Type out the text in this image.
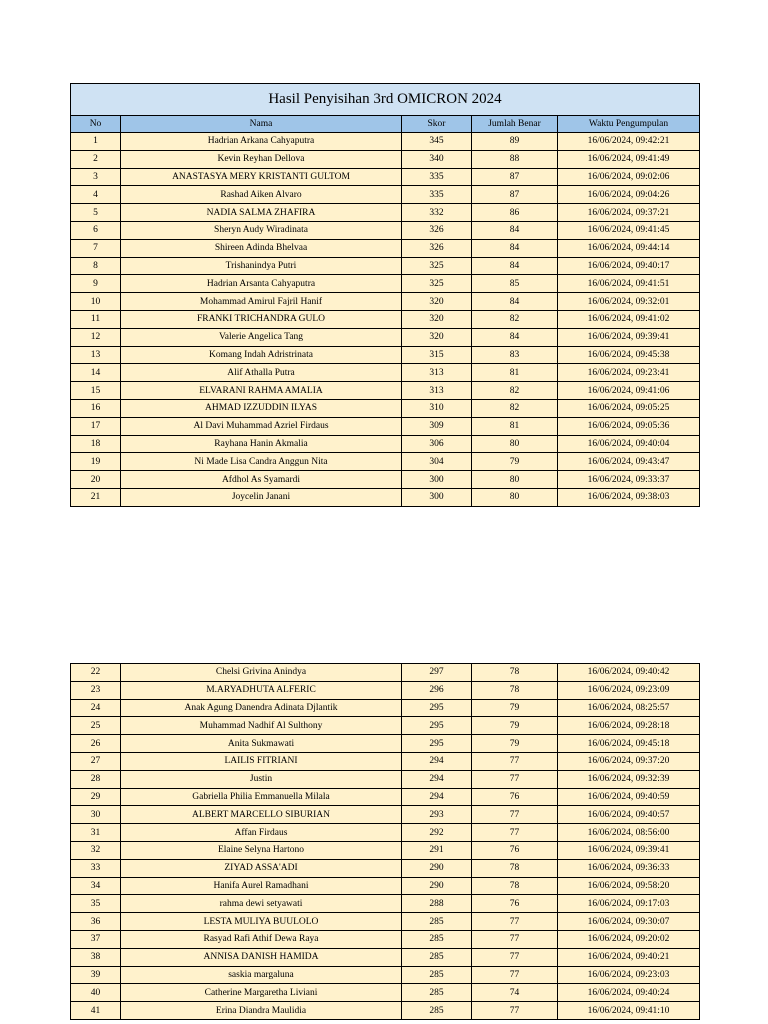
Hasil Penyisihan 3rd OMICRON 2024				
No	Nama	Skor	Jumlah Benar	Waktu Pengumpulan
1	Hadrian Arkana Cahyaputra	345	89	16/06/2024, 09:42:21
2	Kevin Reyhan Dellova	340	88	16/06/2024, 09:41:49
3	ANASTASYA MERY KRISTANTI GULTOM	335	87	16/06/2024, 09:02:06
4	Rashad Aiken Alvaro	335	87	16/06/2024, 09:04:26
5	NADIA SALMA ZHAFIRA	332	86	16/06/2024, 09:37:21
6	Sheryn Audy Wiradinata	326	84	16/06/2024, 09:41:45
7	Shireen Adinda Bhelvaa	326	84	16/06/2024, 09:44:14
8	Trishanindya Putri	325	84	16/06/2024, 09:40:17
9	Hadrian Arsanta Cahyaputra	325	85	16/06/2024, 09:41:51
10	Mohammad Amirul Fajril Hanif	320	84	16/06/2024, 09:32:01
11	FRANKI TRICHANDRA GULO	320	82	16/06/2024, 09:41:02
12	Valerie Angelica Tang	320	84	16/06/2024, 09:39:41
13	Komang Indah Adristrinata	315	83	16/06/2024, 09:45:38
14	Alif Athalla Putra	313	81	16/06/2024, 09:23:41
15	ELVARANI RAHMA AMALIA	313	82	16/06/2024, 09:41:06
16	AHMAD IZZUDDIN ILYAS	310	82	16/06/2024, 09:05:25
17	Al Davi Muhammad Azriel Firdaus	309	81	16/06/2024, 09:05:36
18	Rayhana Hanin Akmalia	306	80	16/06/2024, 09:40:04
19	Ni Made Lisa Candra Anggun Nita	304	79	16/06/2024, 09:43:47
20	Afdhol As Syamardi	300	80	16/06/2024, 09:33:37
21	Joycelin Janani	300	80	16/06/2024, 09:38:03
22	Chelsi Grivina Anindya	297	78	16/06/2024, 09:40:42
23	M.ARYADHUTA ALFERIC	296	78	16/06/2024, 09:23:09
24	Anak Agung Danendra Adinata Djlantik	295	79	16/06/2024, 08:25:57
25	Muhammad Nadhif Al Sulthony	295	79	16/06/2024, 09:28:18
26	Anita Sukmawati	295	79	16/06/2024, 09:45:18
27	LAILIS FITRIANI	294	77	16/06/2024, 09:37:20
28	Justin	294	77	16/06/2024, 09:32:39
29	Gabriella Philia Emmanuella Milala	294	76	16/06/2024, 09:40:59
30	ALBERT MARCELLO SIBURIAN	293	77	16/06/2024, 09:40:57
31	Affan Firdaus	292	77	16/06/2024, 08:56:00
32	Elaine Selyna Hartono	291	76	16/06/2024, 09:39:41
33	ZIYAD ASSA'ADI	290	78	16/06/2024, 09:36:33
34	Hanifa Aurel Ramadhani	290	78	16/06/2024, 09:58:20
35	rahma dewi setyawati	288	76	16/06/2024, 09:17:03
36	LESTA MULIYA BUULOLO	285	77	16/06/2024, 09:30:07
37	Rasyad Rafi Athif Dewa Raya	285	77	16/06/2024, 09:20:02
38	ANNISA DANISH HAMIDA	285	77	16/06/2024, 09:40:21
39	saskia margaluna	285	77	16/06/2024, 09:23:03
40	Catherine Margaretha Liviani	285	74	16/06/2024, 09:40:24
41	Erina Diandra Maulidia	285	77	16/06/2024, 09:41:10
